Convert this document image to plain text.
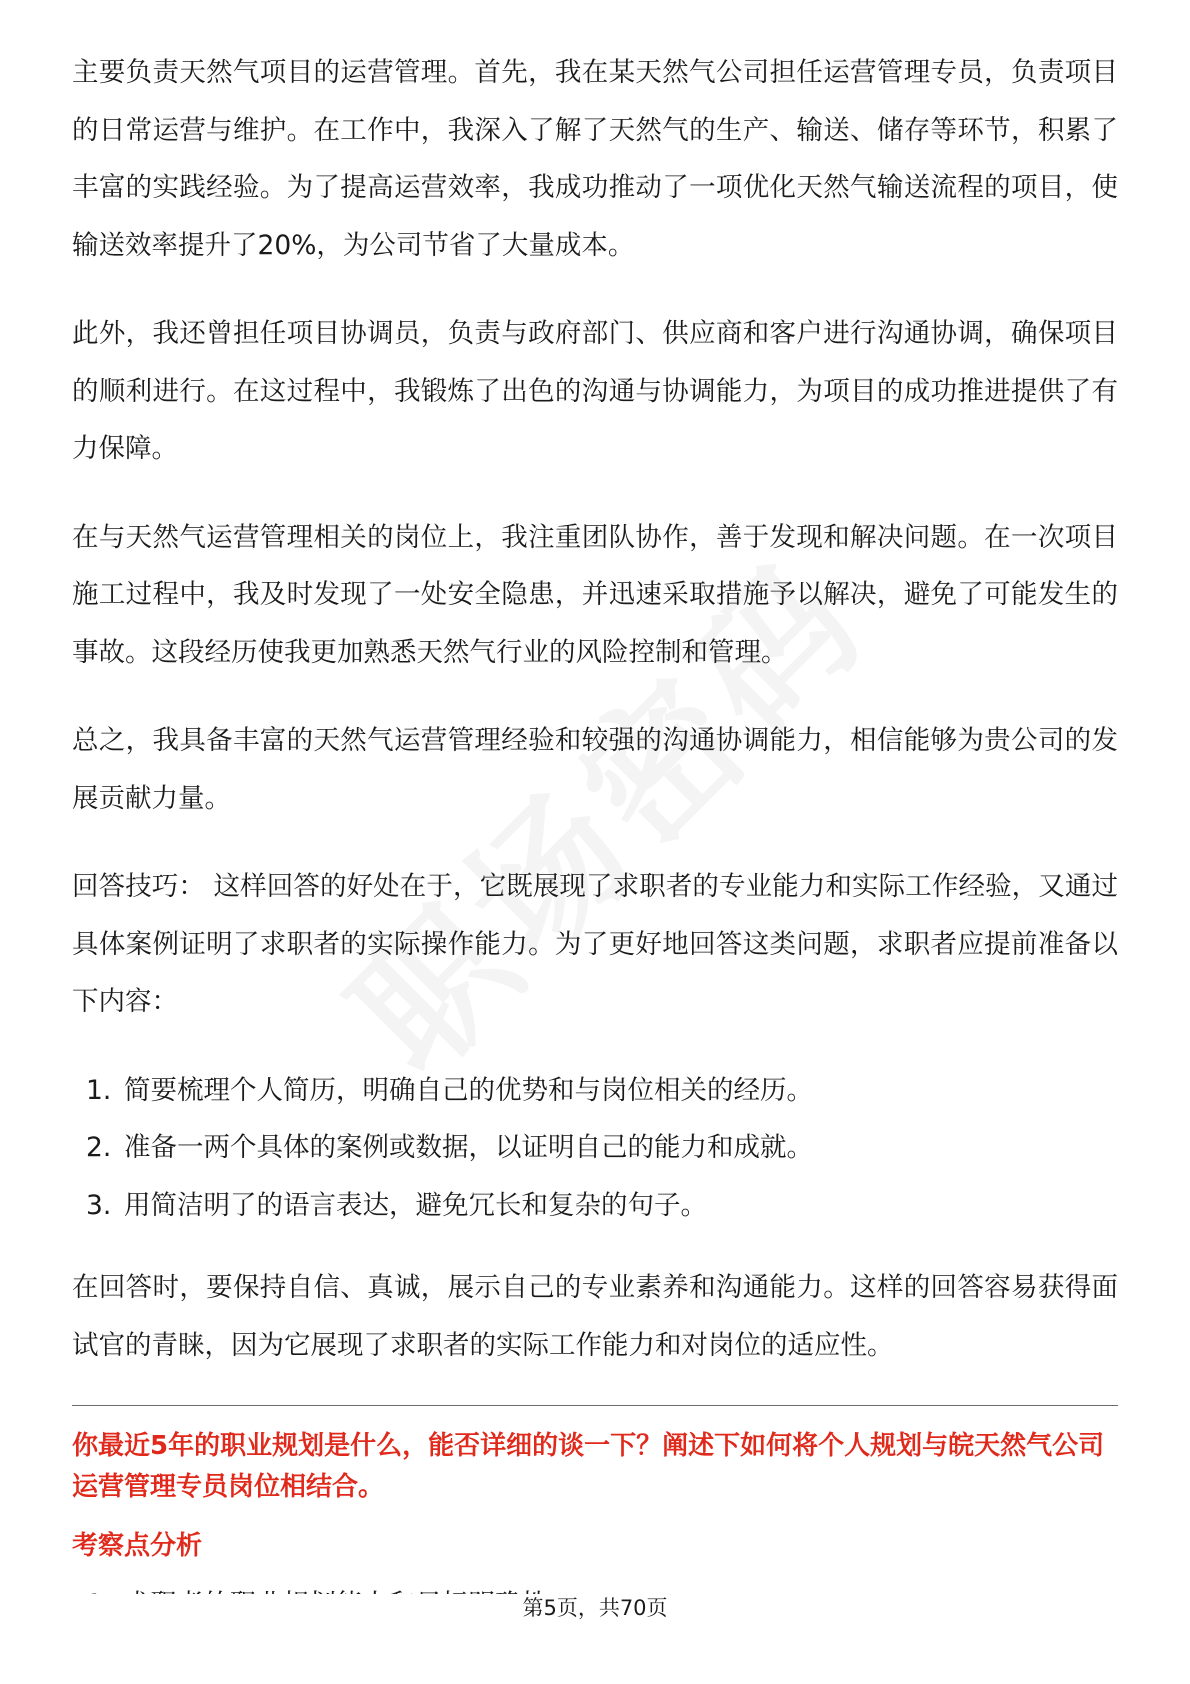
主要负责天然气项目的运营管理。首先，我在某天然气公司担任运营管理专员，负责项目的日常运营与维护。在工作中，我深入了解了天然气的生产、输送、储存等环节，积累了丰富的实践经验。为了提高运营效率，我成功推动了一项优化天然气输送流程的项目，使输送效率提升了20%，为公司节省了大量成本。

此外，我还曾担任项目协调员，负责与政府部门、供应商和客户进行沟通协调，确保项目的顺利进行。在这过程中，我锻炼了出色的沟通与协调能力，为项目的成功推进提供了有力保障。

在与天然气运营管理相关的岗位上，我注重团队协作，善于发现和解决问题。在一次项目施工过程中，我及时发现了一处安全隐患，并迅速采取措施予以解决，避免了可能发生的事故。这段经历使我更加熟悉天然气行业的风险控制和管理。

总之，我具备丰富的天然气运营管理经验和较强的沟通协调能力，相信能够为贵公司的发展贡献力量。

回答技巧： 这样回答的好处在于，它既展现了求职者的专业能力和实际工作经验，又通过具体案例证明了求职者的实际操作能力。为了更好地回答这类问题，求职者应提前准备以下内容：

1. 简要梳理个人简历，明确自己的优势和与岗位相关的经历。
2. 准备一两个具体的案例或数据，以证明自己的能力和成就。
3. 用简洁明了的语言表达，避免冗长和复杂的句子。

在回答时，要保持自信、真诚，展示自己的专业素养和沟通能力。这样的回答容易获得面试官的青睐，因为它展现了求职者的实际工作能力和对岗位的适应性。

你最近5年的职业规划是什么，能否详细的谈一下？阐述下如何将个人规划与皖天然气公司运营管理专员岗位相结合。

考察点分析

第5页，共70页
